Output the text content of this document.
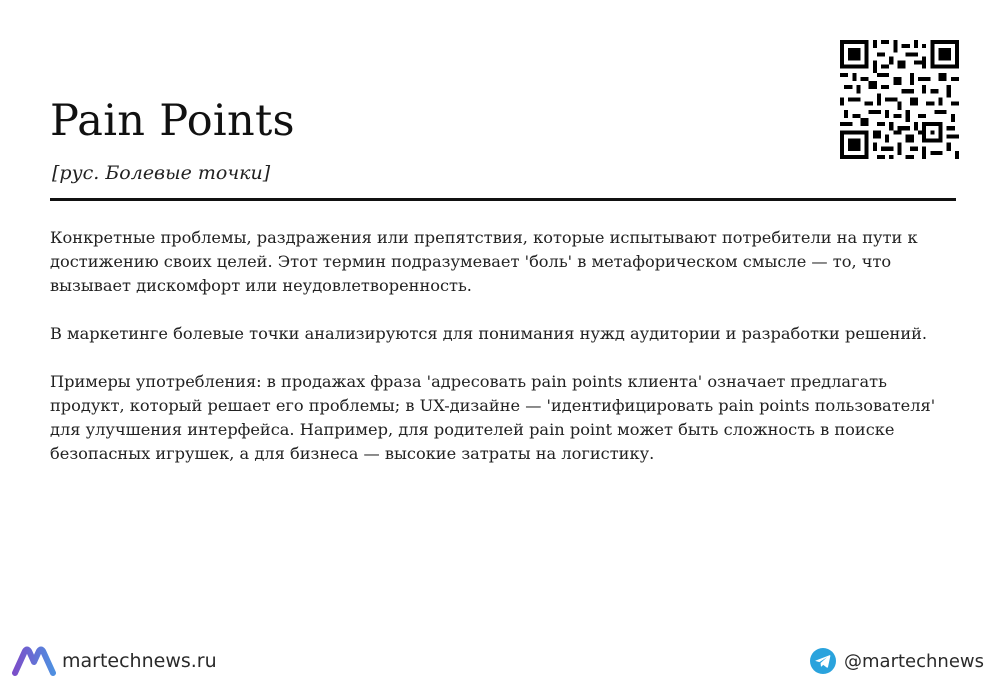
Pain Points
[рус. Болевые точки]

Конкретные проблемы, раздражения или препятствия, которые испытывают потребители на пути к достижению своих целей. Этот термин подразумевает 'боль' в метафорическом смысле — то, что вызывает дискомфорт или неудовлетворенность.

В маркетинге болевые точки анализируются для понимания нужд аудитории и разработки решений.

Примеры употребления: в продажах фраза 'адресовать pain points клиента' означает предлагать продукт, который решает его проблемы; в UX-дизайне — 'идентифицировать pain points пользователя' для улучшения интерфейса. Например, для родителей pain point может быть сложность в поиске безопасных игрушек, а для бизнеса — высокие затраты на логистику.

martechnews.ru	@martechnews
